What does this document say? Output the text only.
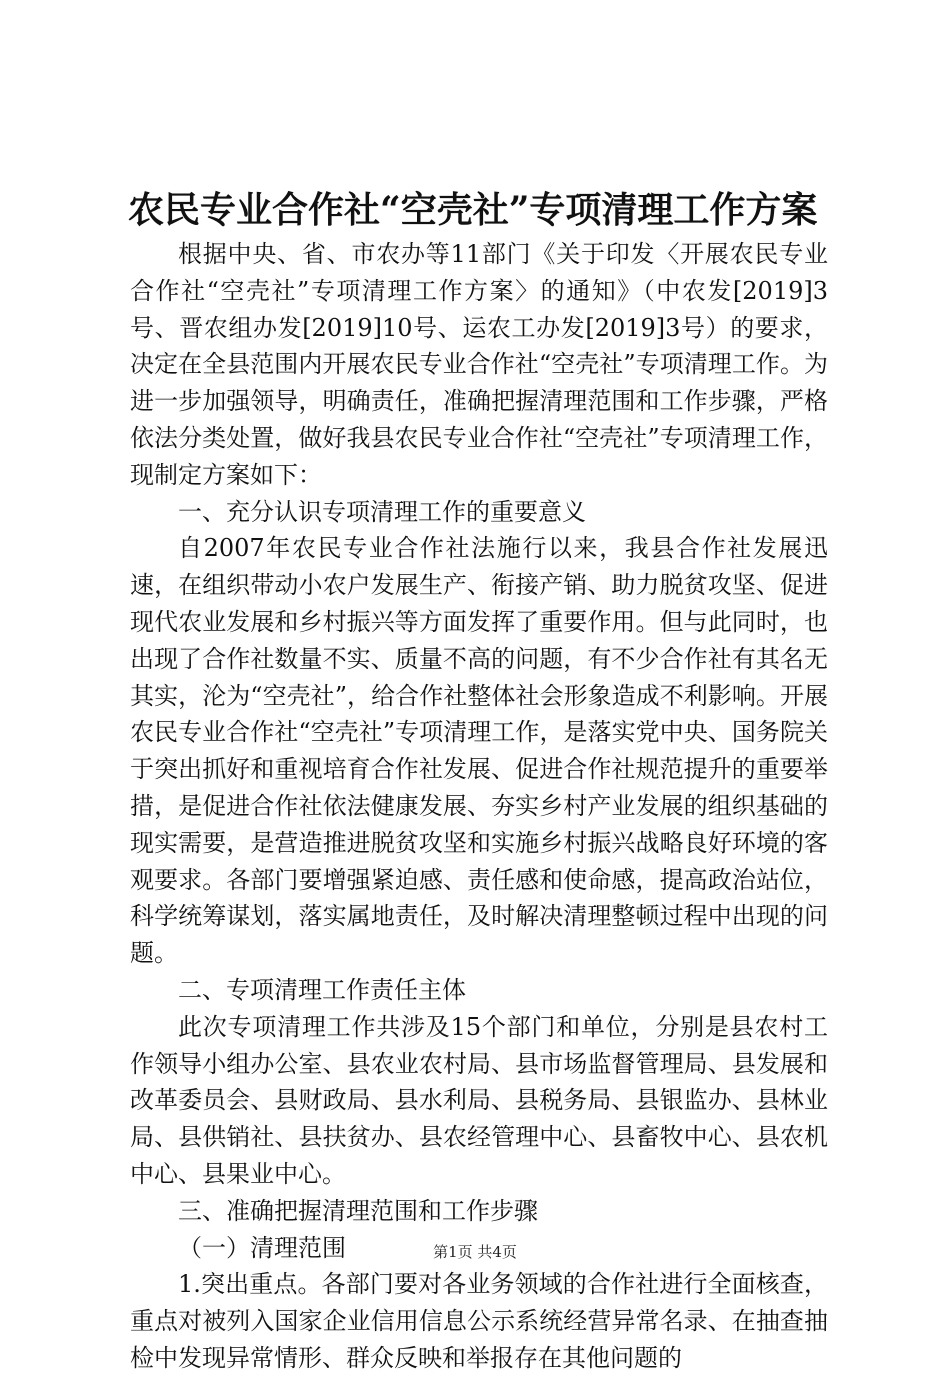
农民专业合作社“空壳社”专项清理工作方案

根据中央、省、市农办等11部门《关于印发〈开展农民专业合作社“空壳社”专项清理工作方案〉的通知》（中农发[2019]3号、晋农组办发[2019]10号、运农工办发[2019]3号）的要求，决定在全县范围内开展农民专业合作社“空壳社”专项清理工作。为进一步加强领导，明确责任，准确把握清理范围和工作步骤，严格依法分类处置，做好我县农民专业合作社“空壳社”专项清理工作，现制定方案如下：

一、充分认识专项清理工作的重要意义

自2007年农民专业合作社法施行以来，我县合作社发展迅速，在组织带动小农户发展生产、衔接产销、助力脱贫攻坚、促进现代农业发展和乡村振兴等方面发挥了重要作用。但与此同时，也出现了合作社数量不实、质量不高的问题，有不少合作社有其名无其实，沦为“空壳社”，给合作社整体社会形象造成不利影响。开展农民专业合作社“空壳社”专项清理工作，是落实党中央、国务院关于突出抓好和重视培育合作社发展、促进合作社规范提升的重要举措，是促进合作社依法健康发展、夯实乡村产业发展的组织基础的现实需要，是营造推进脱贫攻坚和实施乡村振兴战略良好环境的客观要求。各部门要增强紧迫感、责任感和使命感，提高政治站位，科学统筹谋划，落实属地责任，及时解决清理整顿过程中出现的问题。

二、专项清理工作责任主体

此次专项清理工作共涉及15个部门和单位，分别是县农村工作领导小组办公室、县农业农村局、县市场监督管理局、县发展和改革委员会、县财政局、县水利局、县税务局、县银监办、县林业局、县供销社、县扶贫办、县农经管理中心、县畜牧中心、县农机中心、县果业中心。

三、准确把握清理范围和工作步骤

（一）清理范围

1.突出重点。各部门要对各业务领域的合作社进行全面核查，重点对被列入国家企业信用信息公示系统经营异常名录、在抽查抽检中发现异常情形、群众反映和举报存在其他问题的

第1页 共4页
